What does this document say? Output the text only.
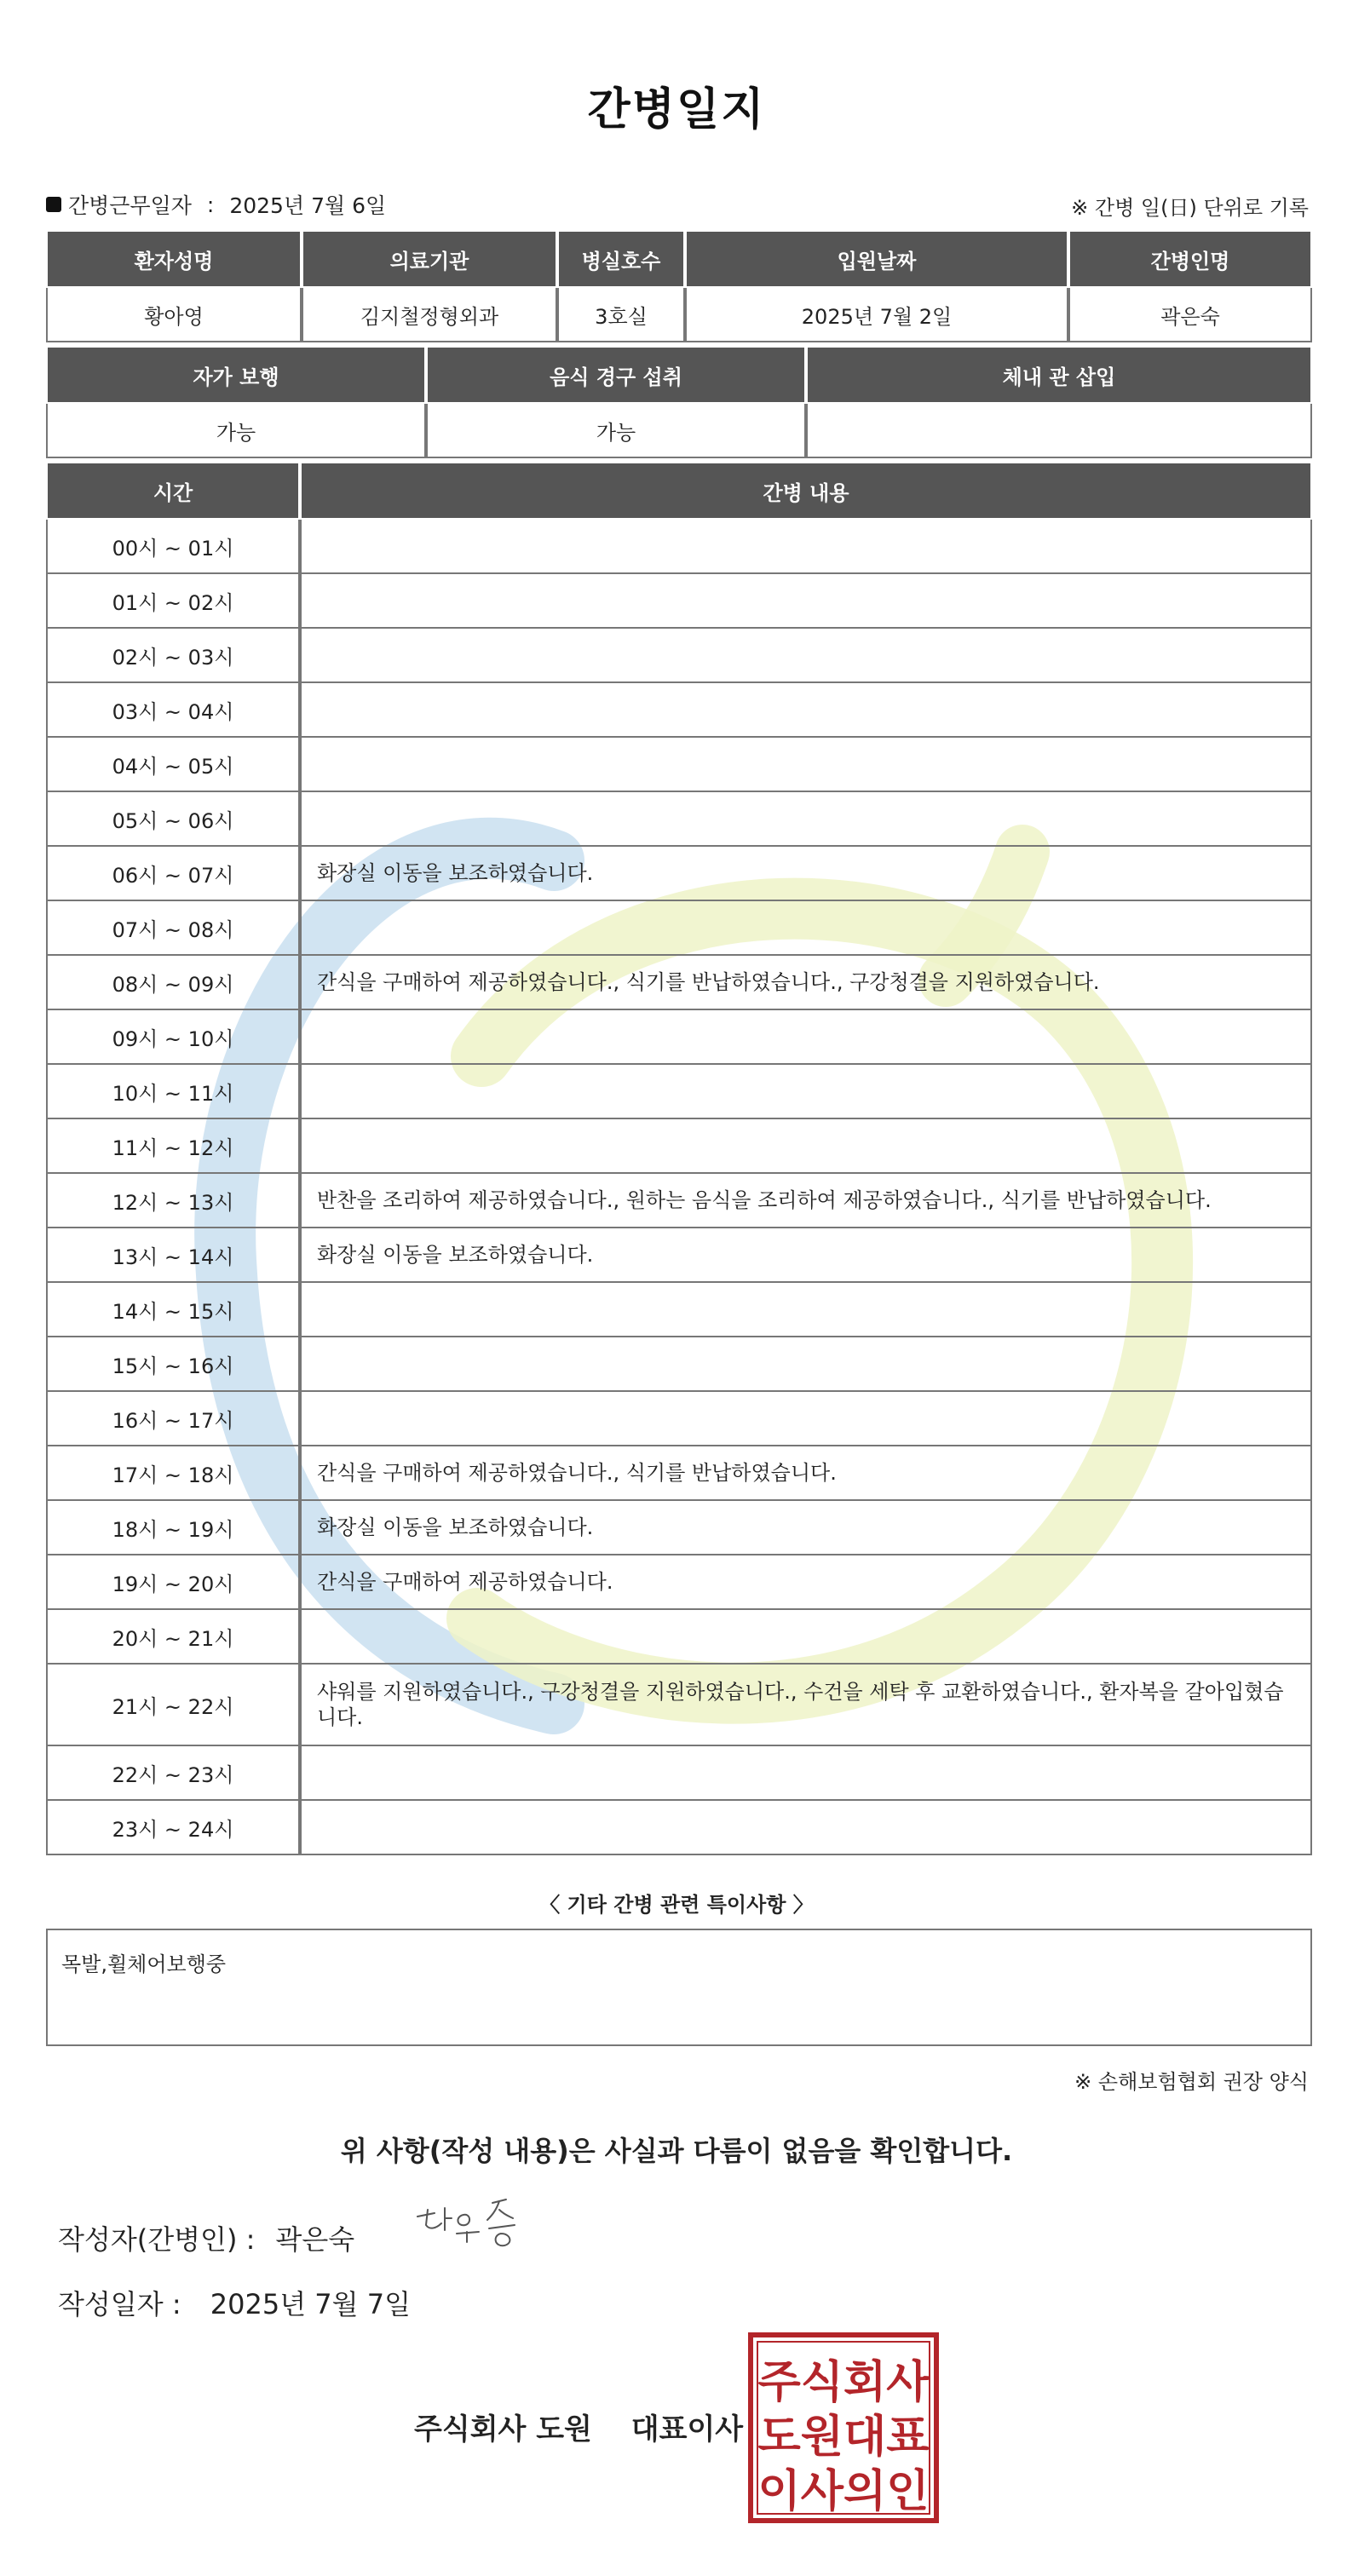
간병일지
간병근무일자 : 2025년 7월 6일	※ 간병 일(日) 단위로 기록
환자성명	의료기관	병실호수	입원날짜	간병인명
황아영	김지철정형외과	3호실	2025년 7월 2일	곽은숙
자가 보행	음식 경구 섭취	체내 관 삽입
가능	가능	
시간	간병 내용
00시 ~ 01시	
01시 ~ 02시	
02시 ~ 03시	
03시 ~ 04시	
04시 ~ 05시	
05시 ~ 06시	
06시 ~ 07시	화장실 이동을 보조하였습니다.
07시 ~ 08시	
08시 ~ 09시	간식을 구매하여 제공하였습니다., 식기를 반납하였습니다., 구강청결을 지원하였습니다.
09시 ~ 10시	
10시 ~ 11시	
11시 ~ 12시	
12시 ~ 13시	반찬을 조리하여 제공하였습니다., 원하는 음식을 조리하여 제공하였습니다., 식기를 반납하였습니다.
13시 ~ 14시	화장실 이동을 보조하였습니다.
14시 ~ 15시	
15시 ~ 16시	
16시 ~ 17시	
17시 ~ 18시	간식을 구매하여 제공하였습니다., 식기를 반납하였습니다.
18시 ~ 19시	화장실 이동을 보조하였습니다.
19시 ~ 20시	간식을 구매하여 제공하였습니다.
20시 ~ 21시	
21시 ~ 22시	샤워를 지원하였습니다., 구강청결을 지원하였습니다., 수건을 세탁 후 교환하였습니다., 환자복을 갈아입혔습니다.
22시 ~ 23시	
23시 ~ 24시	
〈 기타 간병 관련 특이사항 〉
목발,휠체어보행중
※ 손해보험협회 권장 양식
위 사항(작성 내용)은 사실과 다름이 없음을 확인합니다.
작성자(간병인) : 곽은숙
작성일자 : 2025년 7월 7일
주식회사 도원 대표이사
주식회사
도원대표
이사의인
